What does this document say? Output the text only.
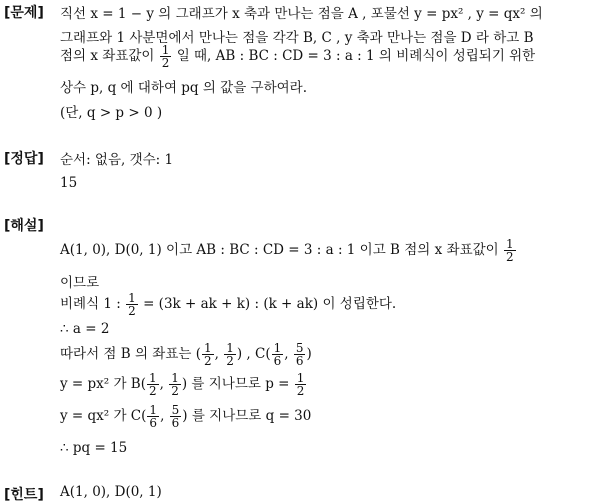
[문제] 직선 x = 1 − y 의 그래프가 x 축과 만나는 점을 A , 포물선 y = px² , y = qx² 의
그래프와 1 사분면에서 만나는 점을 각각 B, C , y 축과 만나는 점을 D 라 하고 B
점의 x 좌표값이 $\frac{1}{2}$ 일 때, AB : BC : CD = 3 : a : 1 의 비례식이 성립되기 위한
상수 p, q 에 대하여 pq 의 값을 구하여라.
(단, q > p > 0 )
[정답] 순서: 없음, 갯수: 1
15
[해설]
A(1, 0), D(0, 1) 이고 AB : BC : CD = 3 : a : 1 이고 B 점의 x 좌표값이 $\frac{1}{2}$
이므로
비례식 1 : $\frac{1}{2} = (3k$ + ak + k) : (k + ak) 이 성립한다.
∴ a = 2
따라서 점 B 의 좌표는 ( $\frac{1}{2}$ , $\frac{1}{2}$ ) , $C( \frac{1}{6}$ , $\frac{5}{6}$ )
y = px² 가 $B( \frac{1}{2}$ , $\frac{1}{2}$ ) 를 지나므로 $p = \frac{1}{2}$
y = qx² 가 $C( \frac{1}{6}$ , $\frac{5}{6}$ ) 를 지나므로 q = 30
∴ pq = 15
[힌트] A(1, 0), D(0, 1)
